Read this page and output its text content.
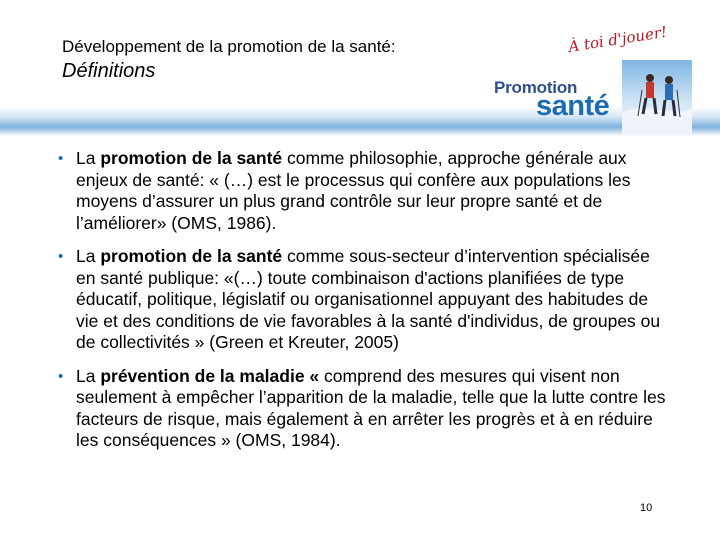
Développement de la promotion de la santé:
Définitions
À toi d'jouer!
Promotion
santé
• La promotion de la santé comme philosophie, approche générale aux enjeux de santé: « (…) est le processus qui confère aux populations les moyens d’assurer un plus grand contrôle sur leur propre santé et de l’améliorer» (OMS, 1986).
• La promotion de la santé comme sous-secteur d’intervention spécialisée en santé publique: «(…) toute combinaison d'actions planifiées de type éducatif, politique, législatif ou organisationnel appuyant des habitudes de vie et des conditions de vie favorables à la santé d'individus, de groupes ou de collectivités » (Green et Kreuter, 2005)
• La prévention de la maladie « comprend des mesures qui visent non seulement à empêcher l’apparition de la maladie, telle que la lutte contre les facteurs de risque, mais également à en arrêter les progrès et à en réduire les conséquences » (OMS, 1984).
10
